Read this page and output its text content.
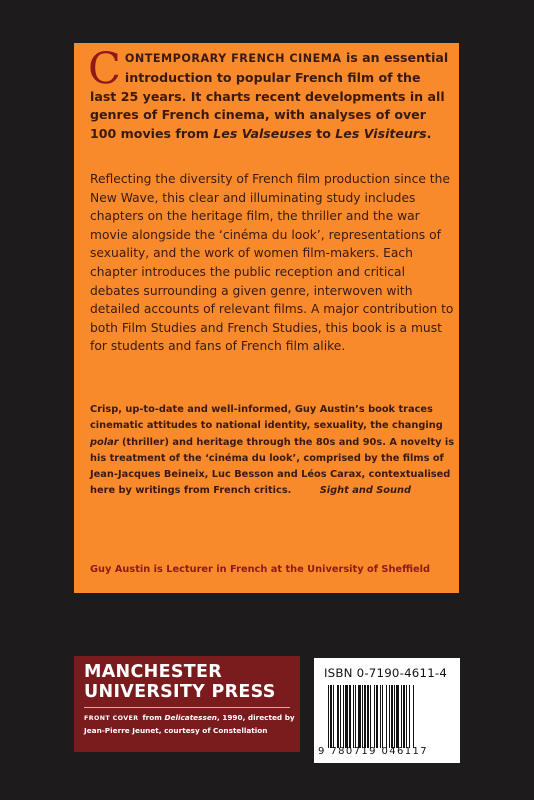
CONTEMPORARY FRENCH CINEMA is an essential introduction to popular French film of the last 25 years. It charts recent developments in all genres of French cinema, with analyses of over 100 movies from Les Valseuses to Les Visiteurs.
Reflecting the diversity of French film production since the New Wave, this clear and illuminating study includes chapters on the heritage film, the thriller and the war movie alongside the ‘cinéma du look’, representations of sexuality, and the work of women film-makers. Each chapter introduces the public reception and critical debates surrounding a given genre, interwoven with detailed accounts of relevant films. A major contribution to both Film Studies and French Studies, this book is a must for students and fans of French film alike.
Crisp, up-to-date and well-informed, Guy Austin’s book traces cinematic attitudes to national identity, sexuality, the changing polar (thriller) and heritage through the 80s and 90s. A novelty is his treatment of the ‘cinéma du look’, comprised by the films of Jean-Jacques Beineix, Luc Besson and Léos Carax, contextualised here by writings from French critics.	Sight and Sound
Guy Austin is Lecturer in French at the University of Sheffield
MANCHESTER
UNIVERSITY PRESS
FRONT COVER from Delicatessen, 1990, directed by Jean-Pierre Jeunet, courtesy of Constellation
ISBN 0-7190-4611-4
9 780719 046117
